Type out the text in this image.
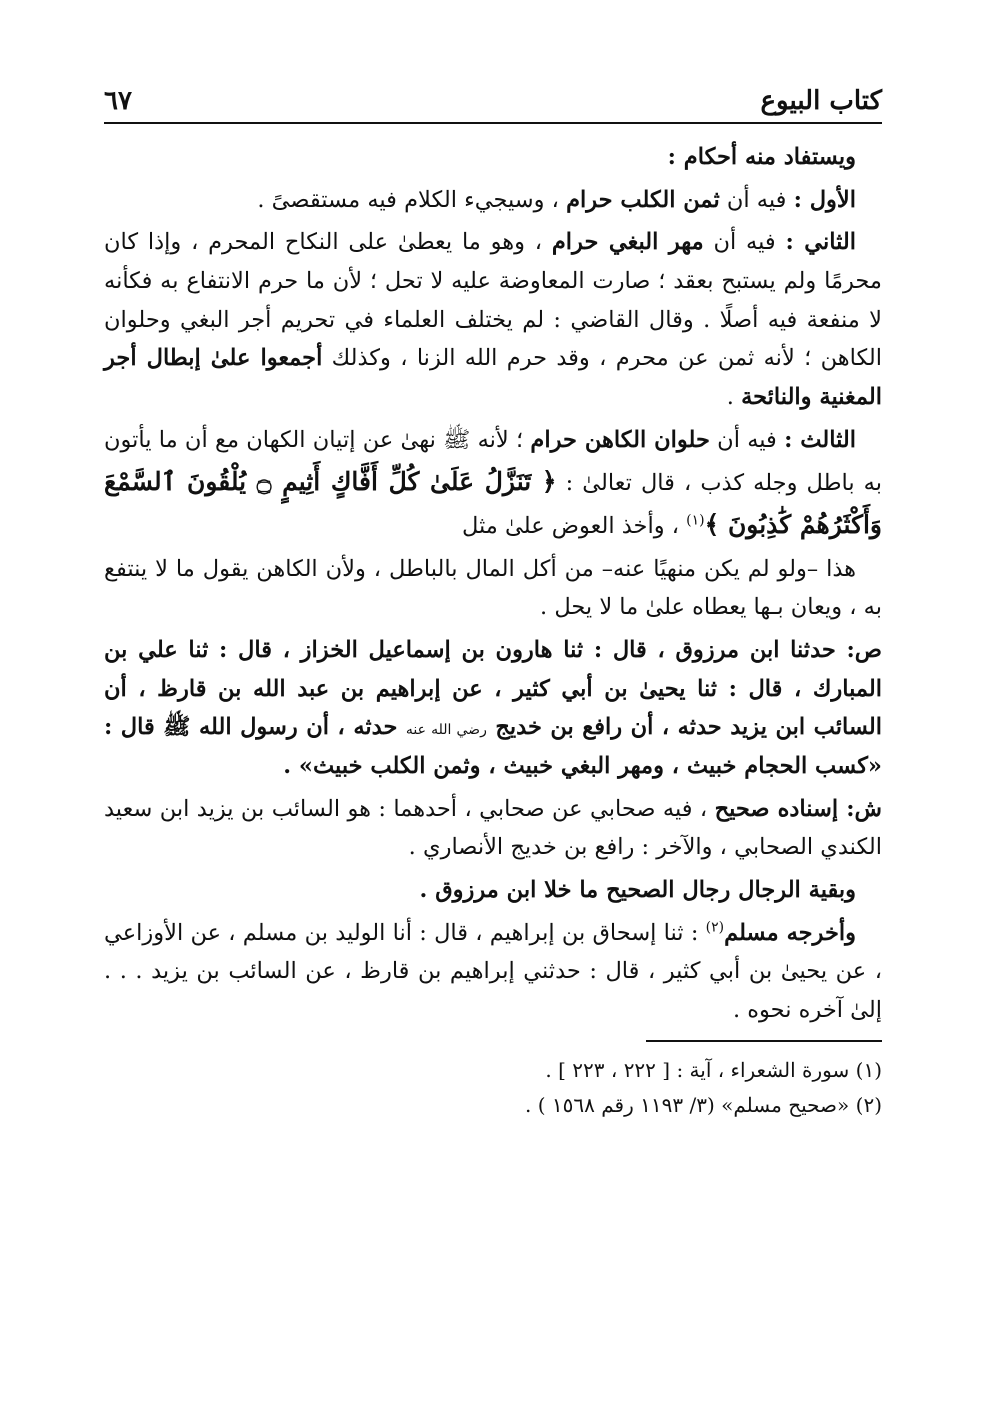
كتاب البيوع
٦٧

ويستفاد منه أحكام :

الأول : فيه أن ثمن الكلب حرام ، وسيجيء الكلام فيه مستقصىً .

الثاني : فيه أن مهر البغي حرام ، وهو ما يعطىٰ على النكاح المحرم ، وإذا كان محرمًا ولم يستبح بعقد ؛ صارت المعاوضة عليه لا تحل ؛ لأن ما حرم الانتفاع به فكأنه لا منفعة فيه أصلًا . وقال القاضي : لم يختلف العلماء في تحريم أجر البغي وحلوان الكاهن ؛ لأنه ثمن عن محرم ، وقد حرم الله الزنا ، وكذلك أجمعوا علىٰ إبطال أجر المغنية والنائحة .

الثالث : فيه أن حلوان الكاهن حرام ؛ لأنه ﷺ نهىٰ عن إتيان الكهان مع أن ما يأتون به باطل وجله كذب ، قال تعالىٰ : ﴿ تَنَزَّلُ عَلَىٰ كُلِّ أَفَّاكٍ أَثِيمٍ ۝ يُلْقُونَ ٱلسَّمْعَ وَأَكْثَرُهُمْ كَٰذِبُونَ ﴾$^{(١)}$ ، وأخذ العوض علىٰ مثل

هذا –ولو لم يكن منهيًا عنه– من أكل المال بالباطل ، ولأن الكاهن يقول ما لا ينتفع به ، ويعان بـها يعطاه علىٰ ما لا يحل .

ص: حدثنا ابن مرزوق ، قال : ثنا هارون بن إسماعيل الخزاز ، قال : ثنا علي بن المبارك ، قال : ثنا يحيىٰ بن أبي كثير ، عن إبراهيم بن عبد الله بن قارظ ، أن السائب ابن يزيد حدثه ، أن رافع بن خديج رضي الله عنه حدثه ، أن رسول الله ﷺ قال : «كسب الحجام خبيث ، ومهر البغي خبيث ، وثمن الكلب خبيث» .

ش: إسناده صحيح ، فيه صحابي عن صحابي ، أحدهما : هو السائب بن يزيد ابن سعيد الكندي الصحابي ، والآخر : رافع بن خديج الأنصاري .

وبقية الرجال رجال الصحيح ما خلا ابن مرزوق .

وأخرجه مسلم$^{(٢)}$ : ثنا إسحاق بن إبراهيم ، قال : أنا الوليد بن مسلم ، عن الأوزاعي ، عن يحيىٰ بن أبي كثير ، قال : حدثني إبراهيم بن قارظ ، عن السائب بن يزيد . . . إلىٰ آخره نحوه .

(١) سورة الشعراء ، آية : [ ٢٢٢ ، ٢٢٣ ] .

(٢) «صحيح مسلم» (٣/ ١١٩٣ رقم ١٥٦٨ ) .
